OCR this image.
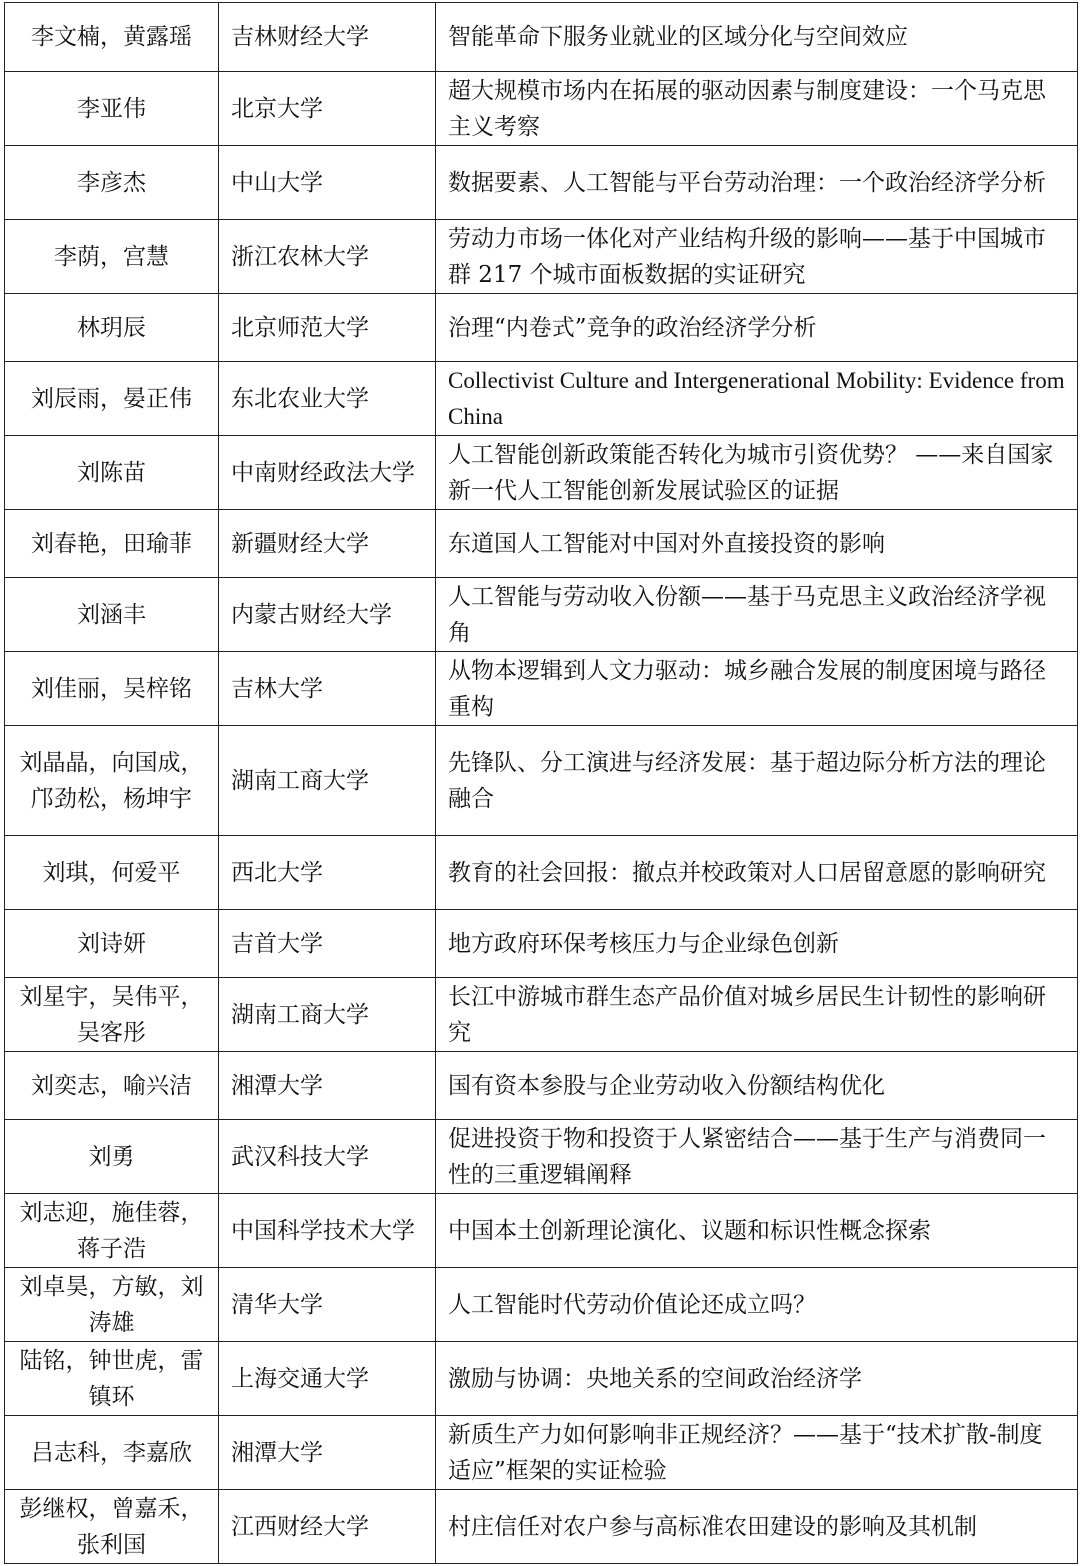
李文楠，黄露瑶	吉林财经大学	智能革命下服务业就业的区域分化与空间效应
李亚伟	北京大学	超大规模市场内在拓展的驱动因素与制度建设：一个马克思主义考察
李彦杰	中山大学	数据要素、人工智能与平台劳动治理：一个政治经济学分析
李荫，宫慧	浙江农林大学	劳动力市场一体化对产业结构升级的影响——基于中国城市群 217 个城市面板数据的实证研究
林玥辰	北京师范大学	治理“内卷式”竞争的政治经济学分析
刘辰雨，晏正伟	东北农业大学	Collectivist Culture and Intergenerational Mobility: Evidence from China
刘陈苗	中南财经政法大学	人工智能创新政策能否转化为城市引资优势？ ——来自国家新一代人工智能创新发展试验区的证据
刘春艳，田瑜菲	新疆财经大学	东道国人工智能对中国对外直接投资的影响
刘涵丰	内蒙古财经大学	人工智能与劳动收入份额——基于马克思主义政治经济学视角
刘佳丽，吴梓铭	吉林大学	从物本逻辑到人文力驱动：城乡融合发展的制度困境与路径重构
刘晶晶，向国成，邝劲松，杨坤宇	湖南工商大学	先锋队、分工演进与经济发展：基于超边际分析方法的理论融合
刘琪，何爱平	西北大学	教育的社会回报：撤点并校政策对人口居留意愿的影响研究
刘诗妍	吉首大学	地方政府环保考核压力与企业绿色创新
刘星宇，吴伟平，吴客彤	湖南工商大学	长江中游城市群生态产品价值对城乡居民生计韧性的影响研究
刘奕志，喻兴洁	湘潭大学	国有资本参股与企业劳动收入份额结构优化
刘勇	武汉科技大学	促进投资于物和投资于人紧密结合——基于生产与消费同一性的三重逻辑阐释
刘志迎，施佳蓉，蒋子浩	中国科学技术大学	中国本土创新理论演化、议题和标识性概念探索
刘卓昊，方敏，刘涛雄	清华大学	人工智能时代劳动价值论还成立吗？
陆铭，钟世虎，雷镇环	上海交通大学	激励与协调：央地关系的空间政治经济学
吕志科，李嘉欣	湘潭大学	新质生产力如何影响非正规经济？——基于“技术扩散-制度适应”框架的实证检验
彭继权，曾嘉禾，张利国	江西财经大学	村庄信任对农户参与高标准农田建设的影响及其机制
